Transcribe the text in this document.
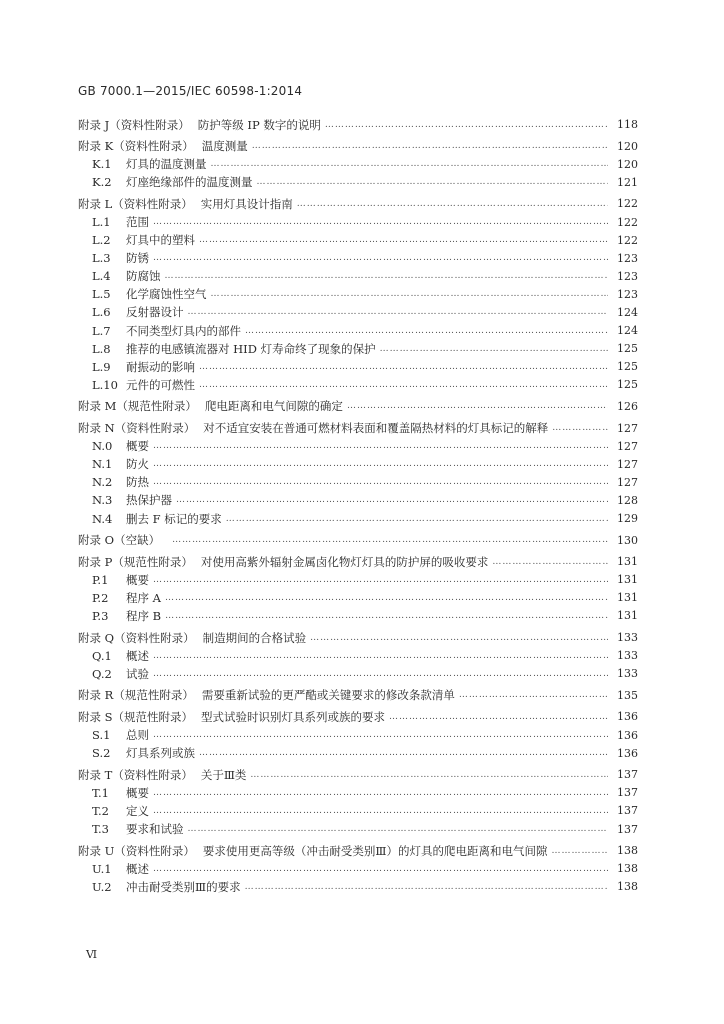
GB 7000.1—2015/IEC 60598-1:2014
附录 J（资料性附录） 防护等级 IP 数字的说明 ……………………………………………………………………………………………………………………………………………………………………	118
附录 K（资料性附录） 温度测量 ……………………………………………………………………………………………………………………………………………………………………	120
K.1	灯具的温度测量 ……………………………………………………………………………………………………………………………………………………………………	120
K.2	灯座绝缘部件的温度测量 ……………………………………………………………………………………………………………………………………………………………………	121
附录 L（资料性附录） 实用灯具设计指南 ……………………………………………………………………………………………………………………………………………………………………	122
L.1	范围 ……………………………………………………………………………………………………………………………………………………………………	122
L.2	灯具中的塑料 ……………………………………………………………………………………………………………………………………………………………………	122
L.3	防锈 ……………………………………………………………………………………………………………………………………………………………………	123
L.4	防腐蚀 ……………………………………………………………………………………………………………………………………………………………………	123
L.5	化学腐蚀性空气 ……………………………………………………………………………………………………………………………………………………………………	123
L.6	反射器设计 ……………………………………………………………………………………………………………………………………………………………………	124
L.7	不同类型灯具内的部件 ……………………………………………………………………………………………………………………………………………………………………	124
L.8	推荐的电感镇流器对 HID 灯寿命终了现象的保护 ……………………………………………………………………………………………………………………………………………………………………	125
L.9	耐振动的影响 ……………………………………………………………………………………………………………………………………………………………………	125
L.10 元件的可燃性 ……………………………………………………………………………………………………………………………………………………………………	125
附录 M（规范性附录） 爬电距离和电气间隙的确定 ……………………………………………………………………………………………………………………………………………………………………	126
附录 N（资料性附录） 对不适宜安装在普通可燃材料表面和覆盖隔热材料的灯具标记的解释 ……………………………………………………………………………………………………………………………………………………………………	127
N.0	概要 ……………………………………………………………………………………………………………………………………………………………………	127
N.1	防火 ……………………………………………………………………………………………………………………………………………………………………	127
N.2	防热 ……………………………………………………………………………………………………………………………………………………………………	127
N.3	热保护器 ……………………………………………………………………………………………………………………………………………………………………	128
N.4	删去 F 标记的要求 ……………………………………………………………………………………………………………………………………………………………………	129
附录 O（空缺） ……………………………………………………………………………………………………………………………………………………………………	130
附录 P（规范性附录） 对使用高紫外辐射金属卤化物灯灯具的防护屏的吸收要求 ……………………………………………………………………………………………………………………………………………………………………	131
P.1	概要 ……………………………………………………………………………………………………………………………………………………………………	131
P.2	程序 A ……………………………………………………………………………………………………………………………………………………………………	131
P.3	程序 B ……………………………………………………………………………………………………………………………………………………………………	131
附录 Q（资料性附录） 制造期间的合格试验 ……………………………………………………………………………………………………………………………………………………………………	133
Q.1	概述 ……………………………………………………………………………………………………………………………………………………………………	133
Q.2	试验 ……………………………………………………………………………………………………………………………………………………………………	133
附录 R（规范性附录） 需要重新试验的更严酷或关键要求的修改条款清单 ……………………………………………………………………………………………………………………………………………………………………	135
附录 S（规范性附录） 型式试验时识别灯具系列或族的要求 ……………………………………………………………………………………………………………………………………………………………………	136
S.1	总则 ……………………………………………………………………………………………………………………………………………………………………	136
S.2	灯具系列或族 ……………………………………………………………………………………………………………………………………………………………………	136
附录 T（资料性附录） 关于Ⅲ类 ……………………………………………………………………………………………………………………………………………………………………	137
T.1	概要 ……………………………………………………………………………………………………………………………………………………………………	137
T.2	定义 ……………………………………………………………………………………………………………………………………………………………………	137
T.3	要求和试验 ……………………………………………………………………………………………………………………………………………………………………	137
附录 U（资料性附录） 要求使用更高等级（冲击耐受类别Ⅲ）的灯具的爬电距离和电气间隙 ……………………………………………………………………………………………………………………………………………………………………	138
U.1	概述 ……………………………………………………………………………………………………………………………………………………………………	138
U.2	冲击耐受类别Ⅲ的要求 ……………………………………………………………………………………………………………………………………………………………………	138
Ⅵ
